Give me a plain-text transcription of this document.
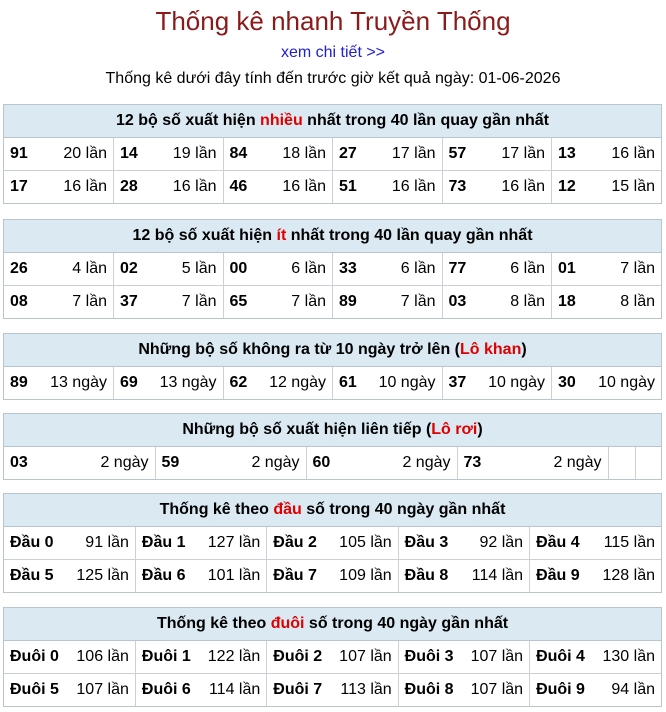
Thống kê nhanh Truyền Thống
xem chi tiết >>
Thống kê dưới đây tính đến trước giờ kết quả ngày: 01-06-2026
12 bộ số xuất hiện nhiều nhất trong 40 lần quay gần nhất
91 20 lần	14 19 lần	84 18 lần	27 17 lần	57 17 lần	13 16 lần

17 16 lần	28 16 lần	46 16 lần	51 16 lần	73 16 lần	12 15 lần
12 bộ số xuất hiện ít nhất trong 40 lần quay gần nhất
26 4 lần	02 5 lần	00 6 lần	33 6 lần	77 6 lần	01 7 lần

08 7 lần	37 7 lần	65 7 lần	89 7 lần	03 8 lần	18 8 lần
Những bộ số không ra từ 10 ngày trở lên (Lô khan)
89 13 ngày	69 13 ngày	62 12 ngày	61 10 ngày	37 10 ngày	30 10 ngày
Những bộ số xuất hiện liên tiếp (Lô rơi)
03	2 ngày	59	2 ngày	60	2 ngày	73	2 ngày

Thống kê theo đầu số trong 40 ngày gần nhất
Đầu 0 91 lần	Đầu 1 127 lần	Đầu 2 105 lần	Đầu 3 92 lần	Đầu 4 115 lần

Đầu 5 125 lần	Đầu 6 101 lần	Đầu 7 109 lần	Đầu 8 114 lần	Đầu 9 128 lần
Thống kê theo đuôi số trong 40 ngày gần nhất
Đuôi 0 106 lần	Đuôi 1 122 lần	Đuôi 2 107 lần	Đuôi 3 107 lần	Đuôi 4 130 lần

Đuôi 5 107 lần	Đuôi 6 114 lần	Đuôi 7 113 lần	Đuôi 8 107 lần	Đuôi 9 94 lần
